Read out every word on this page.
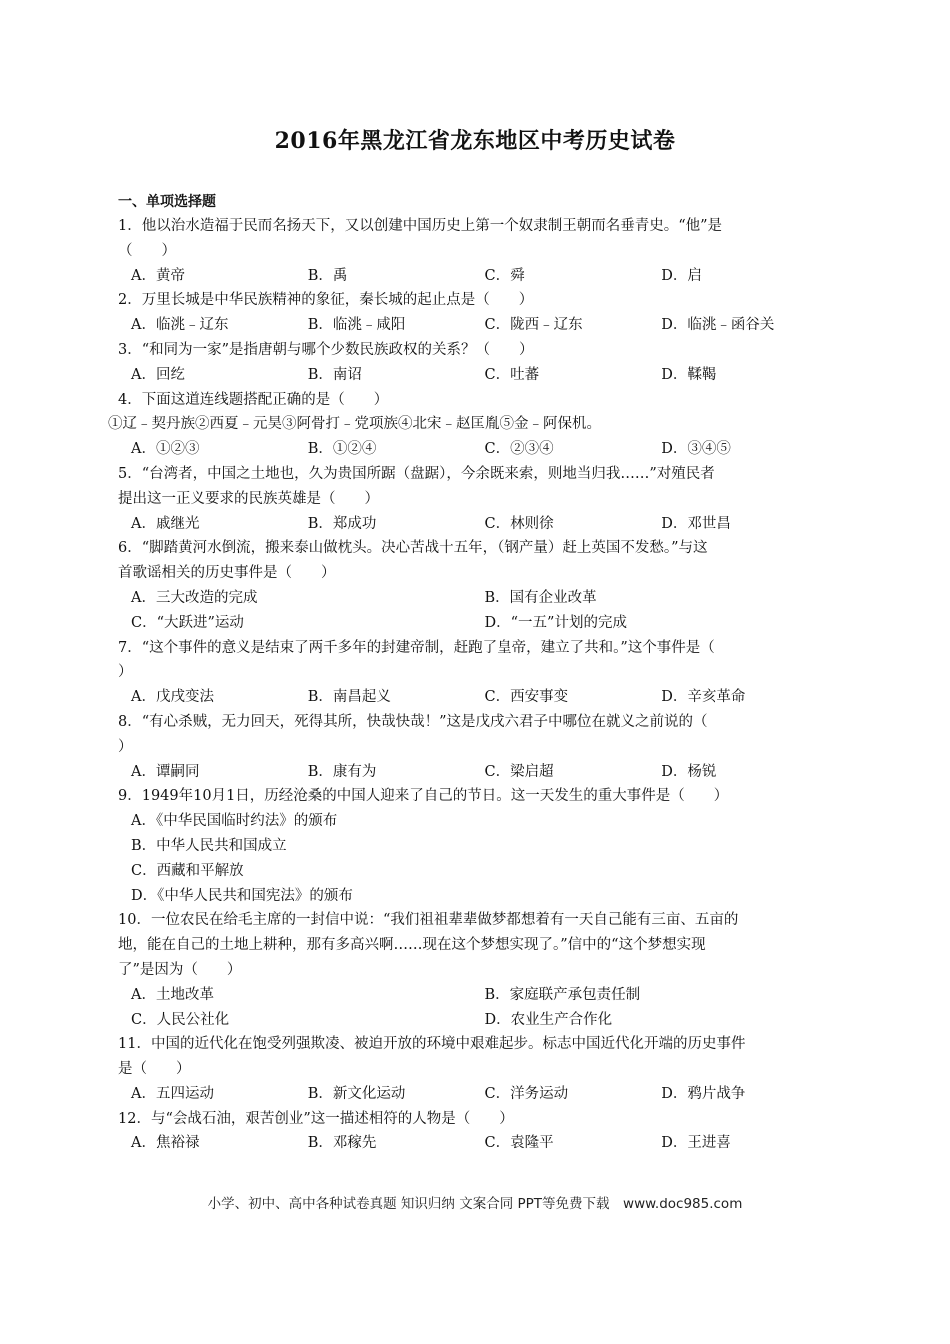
2016年黑龙江省龙东地区中考历史试卷
一、单项选择题
1．他以治水造福于民而名扬天下，又以创建中国历史上第一个奴隶制王朝而名垂青史。“他”是
（　　）
A．黄帝	B．禹	C．舜	D．启
2．万里长城是中华民族精神的象征，秦长城的起止点是（　　）
A．临洮﹣辽东	B．临洮﹣咸阳	C．陇西﹣辽东	D．临洮﹣函谷关
3．“和同为一家”是指唐朝与哪个少数民族政权的关系？（　　）
A．回纥	B．南诏	C．吐蕃	D．鞣鞨
4．下面这道连线题搭配正确的是（　　）
①辽﹣契丹族②西夏﹣元昊③阿骨打﹣党项族④北宋﹣赵匡胤⑤金﹣阿保机。
A．①②③	B．①②④	C．②③④	D．③④⑤
5．“台湾者，中国之土地也，久为贵国所踞（盘踞），今余既来索，则地当归我……”对殖民者
提出这一正义要求的民族英雄是（　　）
A．戚继光	B．郑成功	C．林则徐	D．邓世昌
6．“脚踏黄河水倒流，搬来泰山做枕头。决心苦战十五年，（钢产量）赶上英国不发愁。”与这
首歌谣相关的历史事件是（　　）
A．三大改造的完成	B．国有企业改革
C．“大跃进”运动	D．“一五”计划的完成
7．“这个事件的意义是结束了两千多年的封建帝制，赶跑了皇帝，建立了共和。”这个事件是（
）
A．戊戌变法	B．南昌起义	C．西安事变	D．辛亥革命
8．“有心杀贼，无力回天，死得其所，快哉快哉！”这是戊戌六君子中哪位在就义之前说的（
）
A．谭嗣同	B．康有为	C．梁启超	D．杨锐
9．1949年10月1日，历经沧桑的中国人迎来了自己的节日。这一天发生的重大事件是（　　）
A．《中华民国临时约法》的颁布
B．中华人民共和国成立
C．西藏和平解放
D．《中华人民共和国宪法》的颁布
10．一位农民在给毛主席的一封信中说：“我们祖祖辈辈做梦都想着有一天自己能有三亩、五亩的
地，能在自己的土地上耕种，那有多高兴啊……现在这个梦想实现了。”信中的“这个梦想实现
了”是因为（　　）
A．土地改革	B．家庭联产承包责任制
C．人民公社化	D．农业生产合作化
11．中国的近代化在饱受列强欺凌、被迫开放的环境中艰难起步。标志中国近代化开端的历史事件
是（　　）
A．五四运动	B．新文化运动	C．洋务运动	D．鸦片战争
12．与“会战石油，艰苦创业”这一描述相符的人物是（　　）
A．焦裕禄	B．邓稼先	C．袁隆平	D．王进喜
小学、初中、高中各种试卷真题 知识归纳 文案合同 PPT等免费下载　www.doc985.com
